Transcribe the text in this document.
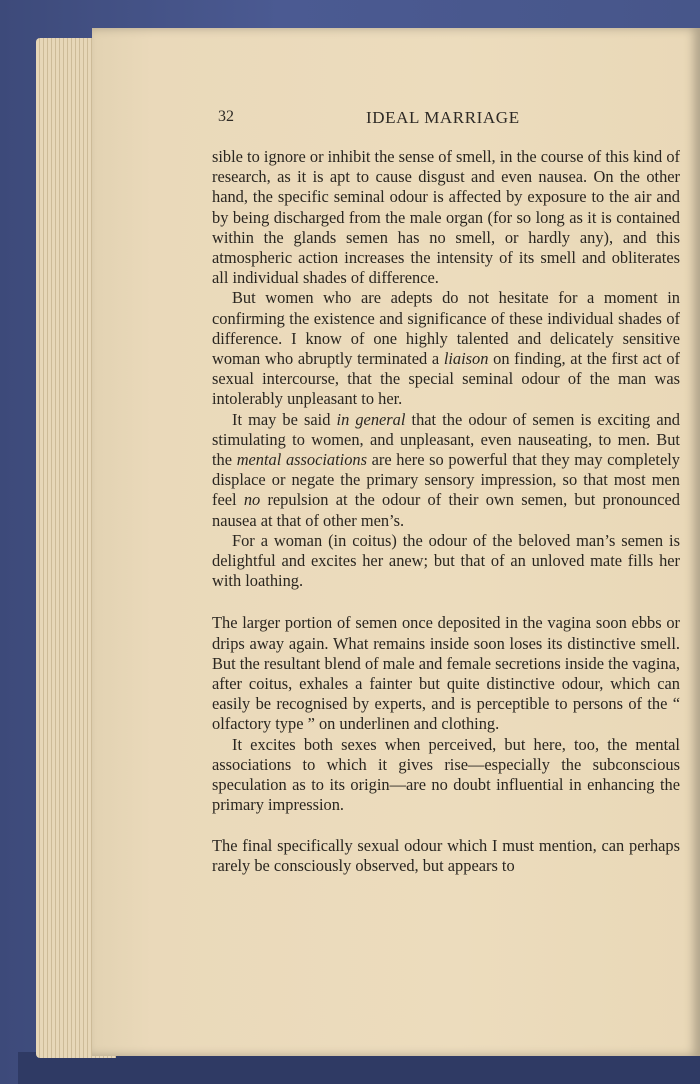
32	IDEAL MARRIAGE

sible to ignore or inhibit the sense of smell, in the course of this kind of research, as it is apt to cause disgust and even nausea. On the other hand, the specific seminal odour is affected by exposure to the air and by being discharged from the male organ (for so long as it is contained within the glands semen has no smell, or hardly any), and this atmospheric action increases the intensity of its smell and obliterates all individual shades of difference.

But women who are adepts do not hesitate for a moment in confirming the existence and significance of these individual shades of difference. I know of one highly talented and delicately sensitive woman who abruptly terminated a liaison on finding, at the first act of sexual intercourse, that the special seminal odour of the man was intolerably unpleasant to her.

It may be said in general that the odour of semen is exciting and stimulating to women, and unpleasant, even nauseating, to men. But the mental associations are here so powerful that they may completely displace or negate the primary sensory impression, so that most men feel no repulsion at the odour of their own semen, but pronounced nausea at that of other men’s.

For a woman (in coitus) the odour of the beloved man’s semen is delightful and excites her anew; but that of an unloved mate fills her with loathing.

The larger portion of semen once deposited in the vagina soon ebbs or drips away again. What remains inside soon loses its distinctive smell. But the resultant blend of male and female secretions inside the vagina, after coitus, exhales a fainter but quite distinctive odour, which can easily be recognised by experts, and is perceptible to persons of the “ olfactory type ” on underlinen and clothing.

It excites both sexes when perceived, but here, too, the mental associations to which it gives rise—especially the subconscious speculation as to its origin—are no doubt influential in enhancing the primary impression.

The final specifically sexual odour which I must mention, can perhaps rarely be consciously observed, but appears to
